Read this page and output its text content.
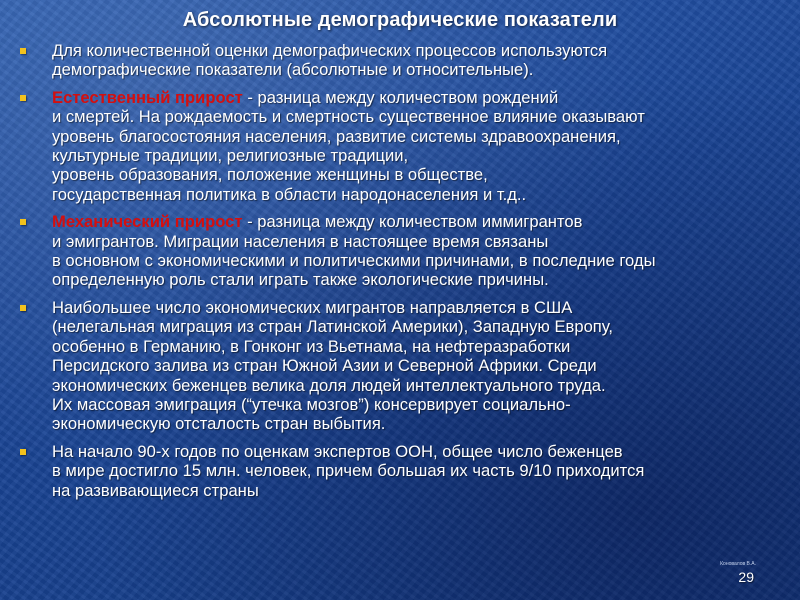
Абсолютные демографические показатели
Для количественной оценки демографических процессов используются
демографические показатели (абсолютные и относительные).
Естественный прирост - разница между количеством рождений
и смертей. На рождаемость и смертность существенное влияние оказывают
уровень благосостояния населения, развитие системы здравоохранения,
культурные традиции, религиозные традиции,
уровень образования, положение женщины в обществе,
государственная политика в области народонаселения и т.д..
Механический прирост - разница между количеством иммигрантов
и эмигрантов. Миграции населения в настоящее время связаны
в основном с экономическими и политическими причинами, в последние годы
определенную роль стали играть также экологические причины.
Наибольшее число экономических мигрантов направляется в США
(нелегальная миграция из стран Латинской Америки), Западную Европу,
особенно в Германию, в Гонконг из Вьетнама, на нефтеразработки
Персидского залива из стран Южной Азии и Северной Африки. Среди
экономических беженцев велика доля людей интеллектуального труда.
Их массовая эмиграция (“утечка мозгов”) консервирует социально-
экономическую отсталость стран выбытия.
На начало 90-х годов по оценкам экспертов ООН, общее число беженцев
в мире достигло 15 млн. человек, причем большая их часть 9/10 приходится
на развивающиеся страны
Коновалов В.А.
29
